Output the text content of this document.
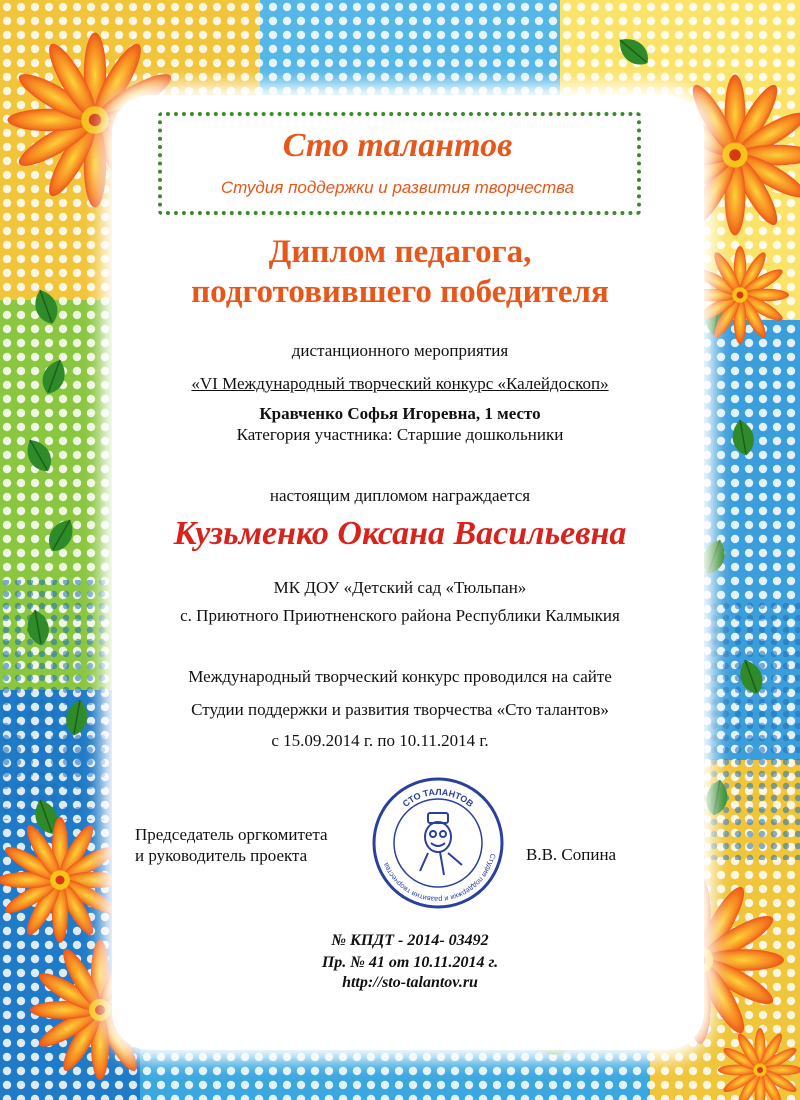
Сто талантов
Студия поддержки и развития творчества
Диплом педагога,
подготовившего победителя
дистанционного мероприятия
«VI Международный творческий конкурс «Калейдоскоп»
Кравченко Софья Игоревна, 1 место
Категория участника: Старшие дошкольники
настоящим дипломом награждается
Кузьменко Оксана Васильевна
МК ДОУ «Детский сад «Тюльпан»
с. Приютного Приютненского района Республики Калмыкия
Международный творческий конкурс проводился на сайте
Студии поддержки и развития творчества «Сто талантов»
с 15.09.2014 г. по 10.11.2014 г.
Председатель оргкомитета
и руководитель проекта	В.В. Сопина
СТО ТАЛАНТОВ
Студия поддержки и развития творчества
№ КПДТ - 2014- 03492
Пр. № 41 от 10.11.2014 г.
http://sto-talantov.ru
